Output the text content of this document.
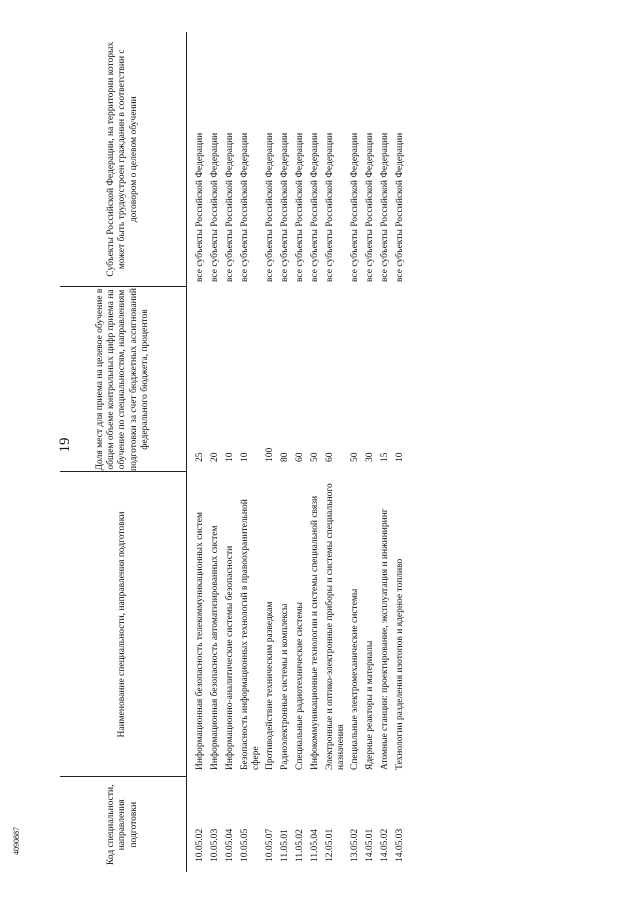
19
4090887	Код специальности, направления подготовки	Наименование специальности, направления подготовки	Доля мест для приема на целевое обучение в общем объеме контрольных цифр приема на обучение по специальностям, направлениям подготовки за счет бюджетных ассигнований федерального бюджета, процентов	Субъекты Российской Федерации, на территории которых может быть трудоустроен гражданин в соответствии с договором о целевом обучении
10.05.02	Информационная безопасность телекоммуникационных систем	25	все субъекты Российской Федерации
10.05.03	Информационная безопасность автоматизированных систем	20	все субъекты Российской Федерации
10.05.04	Информационно-аналитические системы безопасности	10	все субъекты Российской Федерации
10.05.05	Безопасность информационных технологий в правоохранительной сфере	10	все субъекты Российской Федерации
10.05.07	Противодействие техническим разведкам	100	все субъекты Российской Федерации
11.05.01	Радиоэлектронные системы и комплексы	80	все субъекты Российской Федерации
11.05.02	Специальные радиотехнические системы	60	все субъекты Российской Федерации
11.05.04	Инфокоммуникационные технологии и системы специальной связи	50	все субъекты Российской Федерации
12.05.01	Электронные и оптико-электронные приборы и системы специального назначения	60	все субъекты Российской Федерации
13.05.02	Специальные электромеханические системы	50	все субъекты Российской Федерации
14.05.01	Ядерные реакторы и материалы	30	все субъекты Российской Федерации
14.05.02	Атомные станции: проектирование, эксплуатация и инжиниринг	15	все субъекты Российской Федерации
14.05.03	Технологии разделения изотопов и ядерное топливо	10	все субъекты Российской Федерации
